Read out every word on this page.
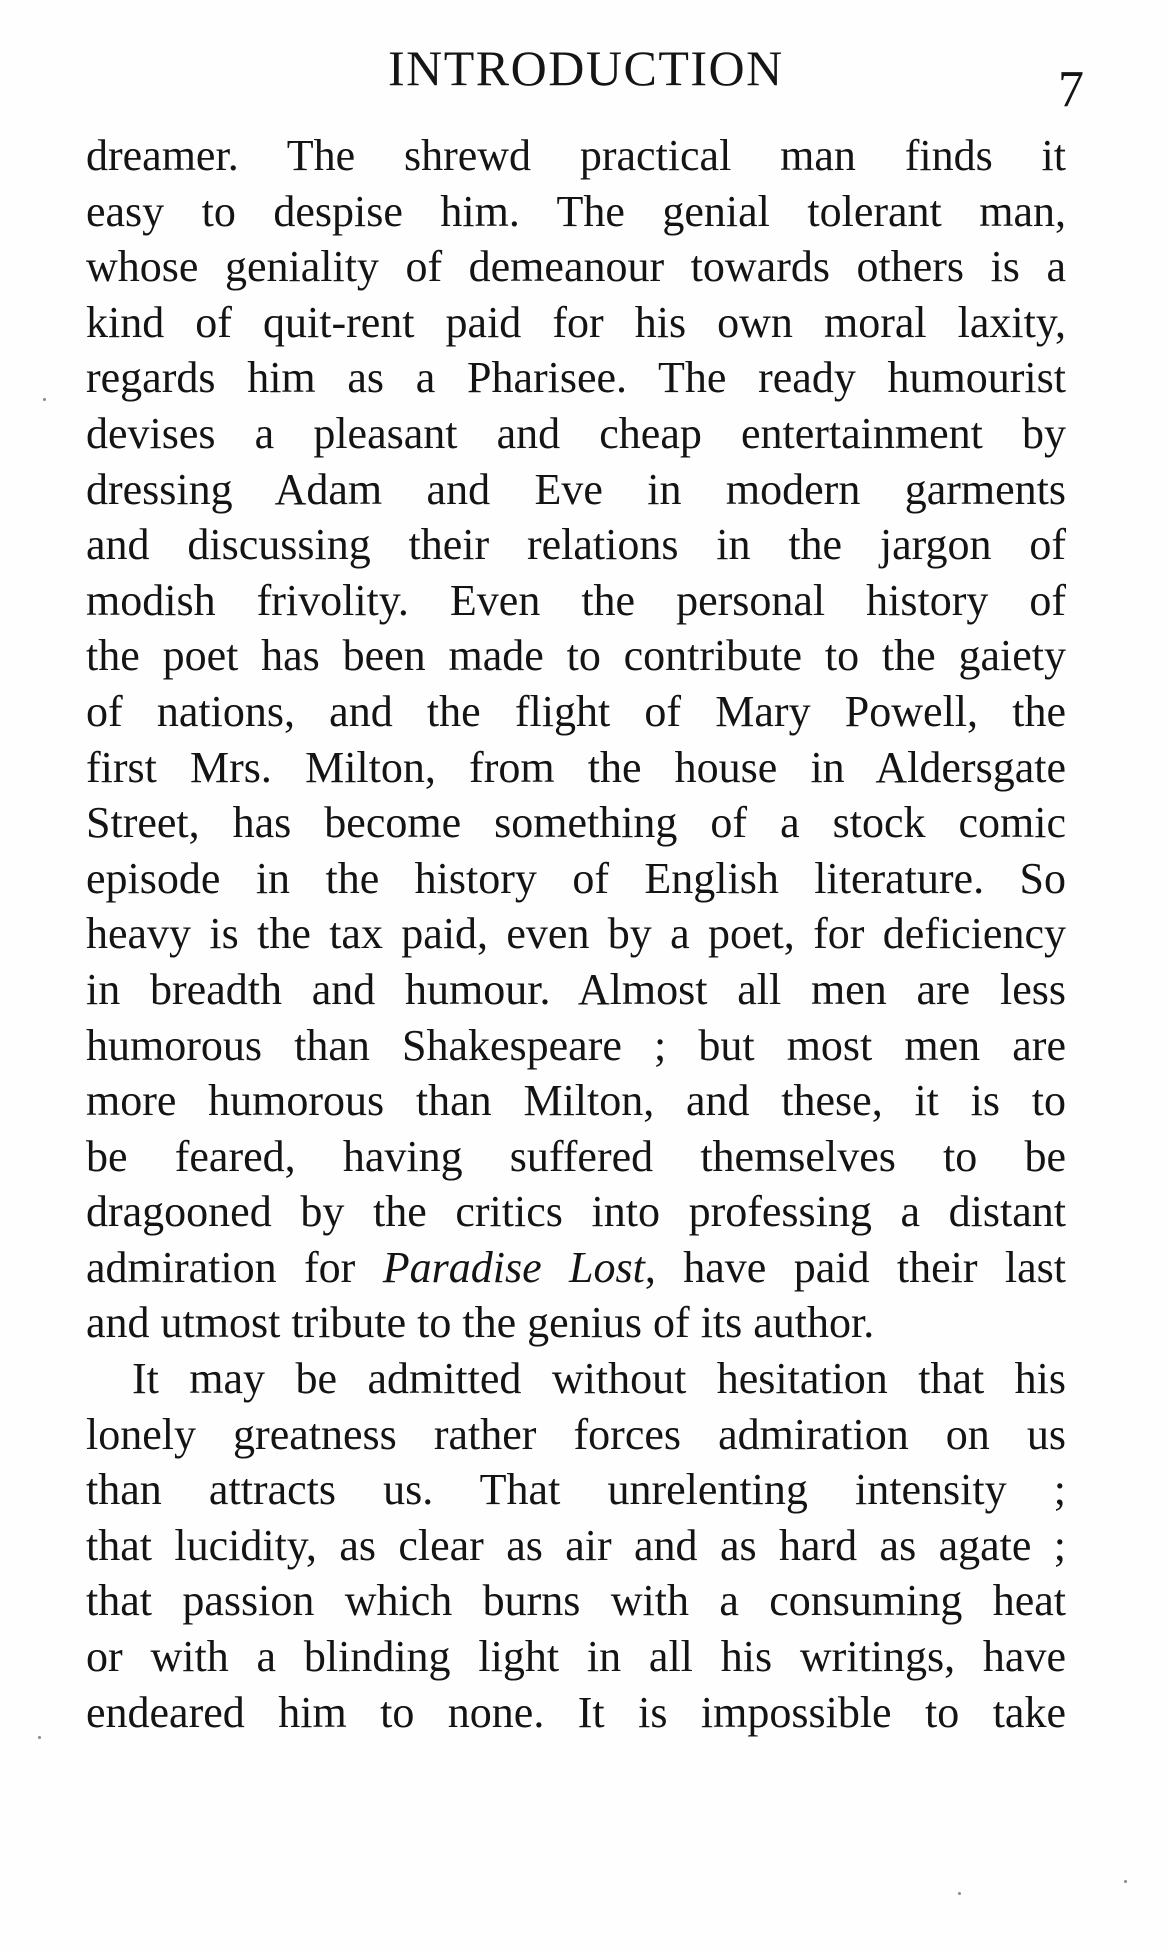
INTRODUCTION	7
dreamer. The shrewd practical man finds it
easy to despise him. The genial tolerant man,
whose geniality of demeanour towards others is a
kind of quit-rent paid for his own moral laxity,
regards him as a Pharisee. The ready humourist
devises a pleasant and cheap entertainment by
dressing Adam and Eve in modern garments
and discussing their relations in the jargon of
modish frivolity. Even the personal history of
the poet has been made to contribute to the gaiety
of nations, and the flight of Mary Powell, the
first Mrs. Milton, from the house in Aldersgate
Street, has become something of a stock comic
episode in the history of English literature. So
heavy is the tax paid, even by a poet, for deficiency
in breadth and humour. Almost all men are less
humorous than Shakespeare ; but most men are
more humorous than Milton, and these, it is to
be feared, having suffered themselves to be
dragooned by the critics into professing a distant
admiration for Paradise Lost, have paid their last
and utmost tribute to the genius of its author.
It may be admitted without hesitation that his
lonely greatness rather forces admiration on us
than attracts us. That unrelenting intensity ;
that lucidity, as clear as air and as hard as agate ;
that passion which burns with a consuming heat
or with a blinding light in all his writings, have
endeared him to none. It is impossible to take
